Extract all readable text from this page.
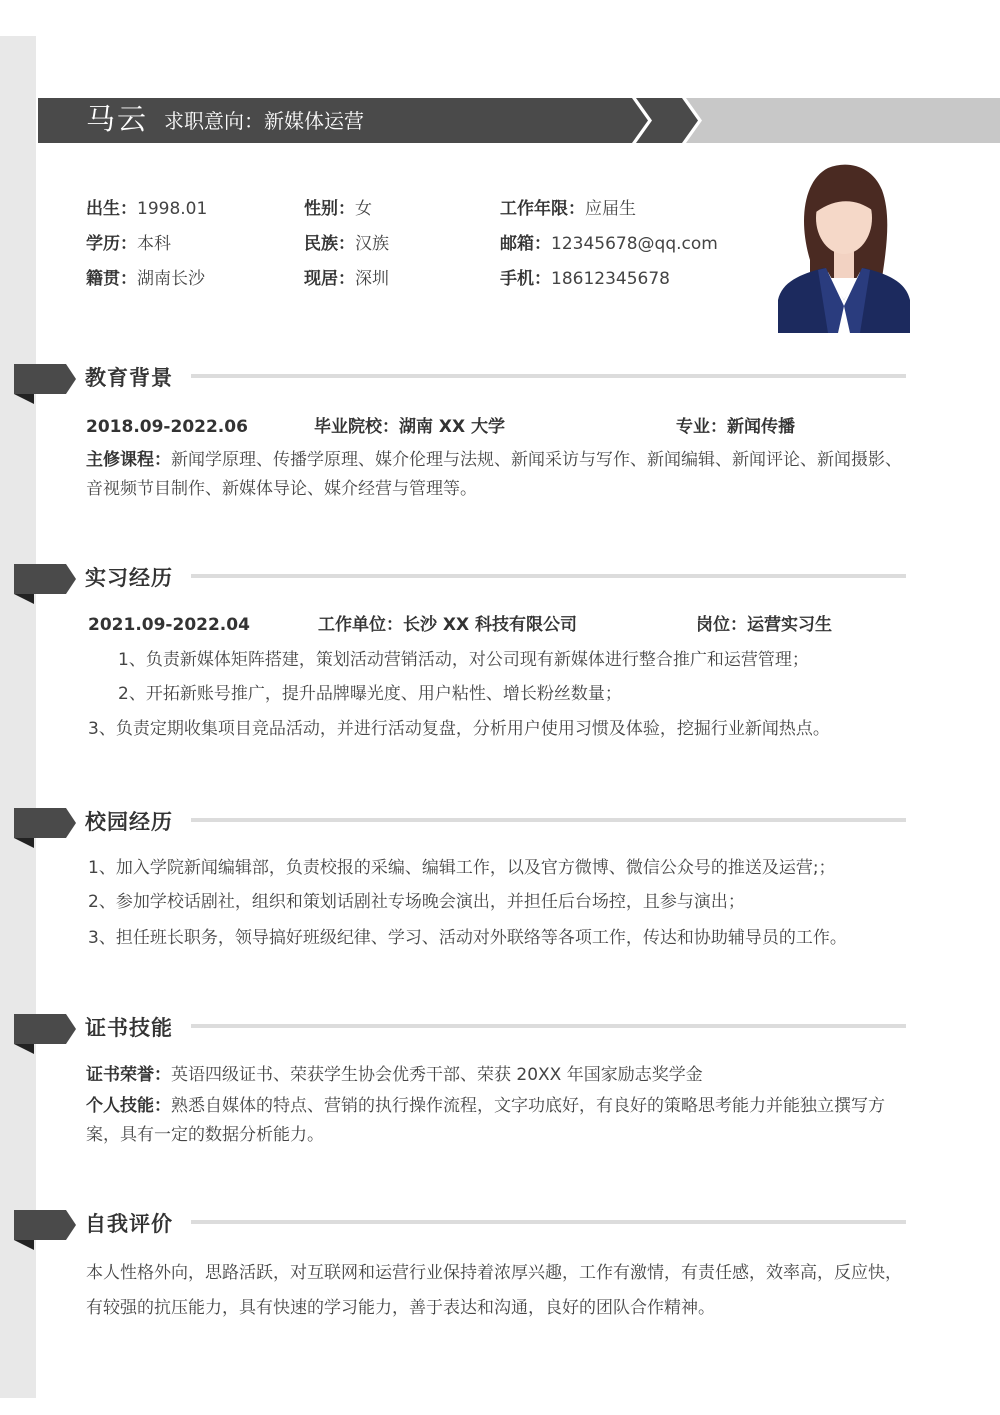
马云 求职意向：新媒体运营
出生：1998.01	性别：女	工作年限：应届生
学历：本科	民族：汉族	邮箱：12345678@qq.com
籍贯：湖南长沙	现居：深圳	手机：18612345678
教育背景
2018.09-2022.06	毕业院校：湖南 XX 大学	专业：新闻传播
主修课程：新闻学原理、传播学原理、媒介伦理与法规、新闻采访与写作、新闻编辑、新闻评论、新闻摄影、音视频节目制作、新媒体导论、媒介经营与管理等。
实习经历
2021.09-2022.04	工作单位：长沙 XX 科技有限公司	岗位：运营实习生
1、负责新媒体矩阵搭建，策划活动营销活动，对公司现有新媒体进行整合推广和运营管理；
2、开拓新账号推广，提升品牌曝光度、用户粘性、增长粉丝数量；
3、负责定期收集项目竞品活动，并进行活动复盘，分析用户使用习惯及体验，挖掘行业新闻热点。
校园经历
1、加入学院新闻编辑部，负责校报的采编、编辑工作，以及官方微博、微信公众号的推送及运营;；
2、参加学校话剧社，组织和策划话剧社专场晚会演出，并担任后台场控，且参与演出；
3、担任班长职务，领导搞好班级纪律、学习、活动对外联络等各项工作，传达和协助辅导员的工作。
证书技能
证书荣誉：英语四级证书、荣获学生协会优秀干部、荣获 20XX 年国家励志奖学金
个人技能：熟悉自媒体的特点、营销的执行操作流程，文字功底好，有良好的策略思考能力并能独立撰写方案，具有一定的数据分析能力。
自我评价
本人性格外向，思路活跃，对互联网和运营行业保持着浓厚兴趣，工作有激情，有责任感，效率高，反应快，有较强的抗压能力，具有快速的学习能力，善于表达和沟通，良好的团队合作精神。
